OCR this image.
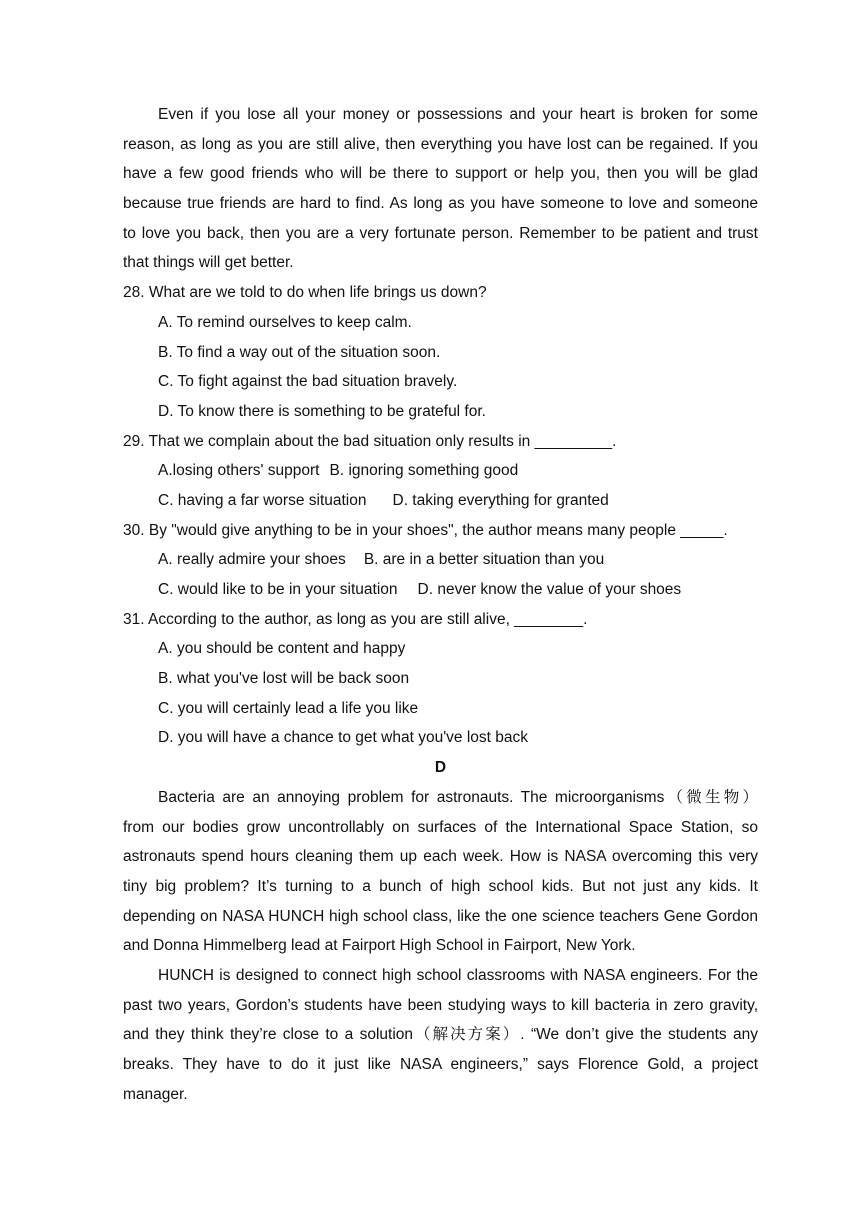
Even if you lose all your money or possessions and your heart is broken for some
reason, as long as you are still alive, then everything you have lost can be regained. If you
have a few good friends who will be there to support or help you, then you will be glad
because true friends are hard to find. As long as you have someone to love and someone
to love you back, then you are a very fortunate person. Remember to be patient and trust
that things will get better.
28. What are we told to do when life brings us down?
A. To remind ourselves to keep calm.
B. To find a way out of the situation soon.
C. To fight against the bad situation bravely.
D. To know there is something to be grateful for.
29. That we complain about the bad situation only results in _________.
A.losing others' support B. ignoring something good
C. having a far worse situation D. taking everything for granted
30. By "would give anything to be in your shoes", the author means many people _____.
A. really admire your shoes B. are in a better situation than you
C. would like to be in your situation D. never know the value of your shoes
31. According to the author, as long as you are still alive, ________.
A. you should be content and happy
B. what you've lost will be back soon
C. you will certainly lead a life you like
D. you will have a chance to get what you've lost back
D
Bacteria are an annoying problem for astronauts. The microorganisms（微生物）
from our bodies grow uncontrollably on surfaces of the International Space Station, so
astronauts spend hours cleaning them up each week. How is NASA overcoming this very
tiny big problem? It’s turning to a bunch of high school kids. But not just any kids. It
depending on NASA HUNCH high school class, like the one science teachers Gene Gordon
and Donna Himmelberg lead at Fairport High School in Fairport, New York.
HUNCH is designed to connect high school classrooms with NASA engineers. For the
past two years, Gordon’s students have been studying ways to kill bacteria in zero gravity,
and they think they’re close to a solution（解决方案）. “We don’t give the students any
breaks. They have to do it just like NASA engineers,” says Florence Gold, a project
manager.
